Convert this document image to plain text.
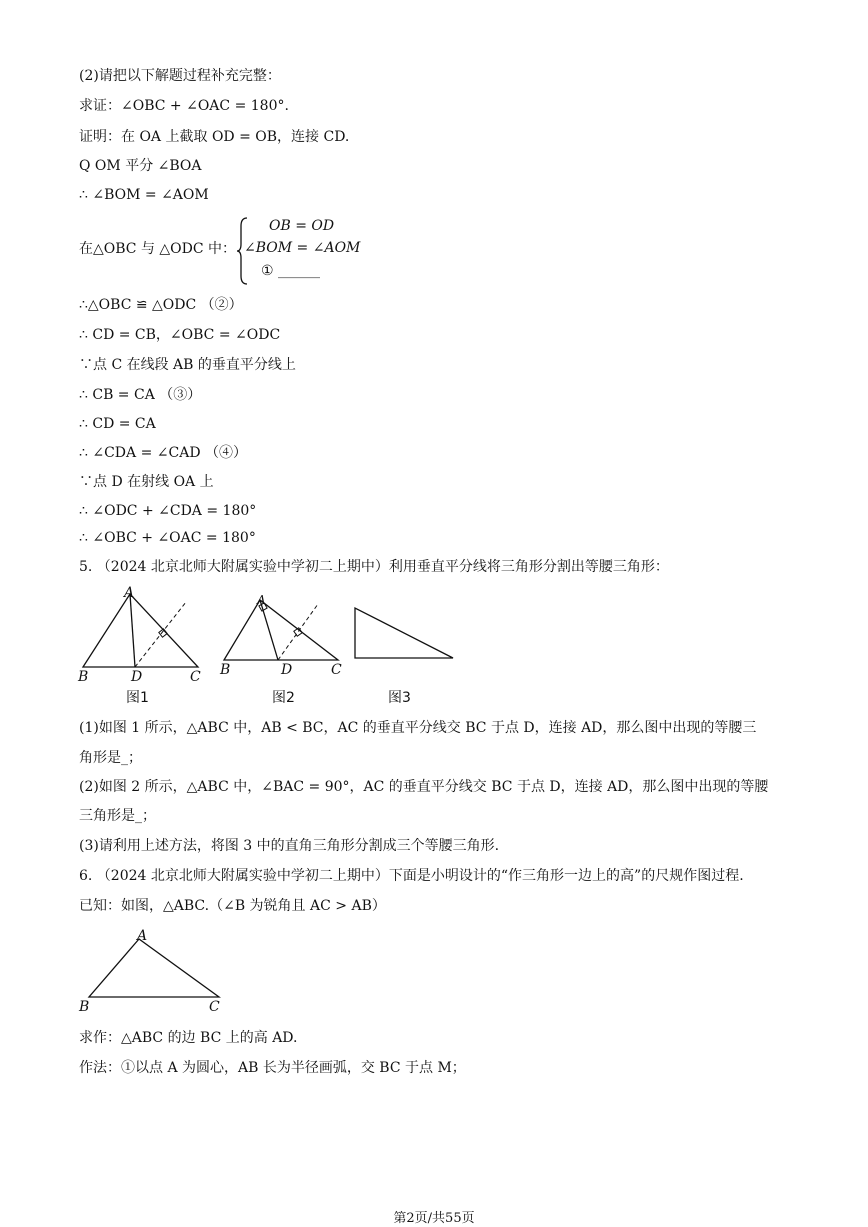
(2)请把以下解题过程补充完整：
求证：∠OBC + ∠OAC = 180°.
证明：在 OA 上截取 OD = OB，连接 CD.
Q OM 平分 ∠BOA
∴ ∠BOM = ∠AOM
在△OBC 与 △ODC 中：
OB = OD
∠BOM = ∠AOM
① ______
∴△OBC ≌ △ODC （②）
∴ CD = CB，∠OBC = ∠ODC
∵点 C 在线段 AB 的垂直平分线上
∴ CB = CA （③）
∴ CD = CA
∴ ∠CDA = ∠CAD （④）
∵点 D 在射线 OA 上
∴ ∠ODC + ∠CDA = 180°
∴ ∠OBC + ∠OAC = 180°
5. （2024 北京北师大附属实验中学初二上期中）利用垂直平分线将三角形分割出等腰三角形：
A
B	C
D
图1
A
B	C
D
图2	图3
(1)如图 1 所示，△ABC 中，AB < BC，AC 的垂直平分线交 BC 于点 D，连接 AD，那么图中出现的等腰三
角形是_；
(2)如图 2 所示，△ABC 中，∠BAC = 90°，AC 的垂直平分线交 BC 于点 D，连接 AD，那么图中出现的等腰
三角形是_；
(3)请利用上述方法，将图 3 中的直角三角形分割成三个等腰三角形.
6. （2024 北京北师大附属实验中学初二上期中）下面是小明设计的“作三角形一边上的高”的尺规作图过程.
已知：如图，△ABC.（∠B 为锐角且 AC > AB）
A
B	C
求作：△ABC 的边 BC 上的高 AD.
作法：①以点 A 为圆心，AB 长为半径画弧，交 BC 于点 M；
第2页/共55页
